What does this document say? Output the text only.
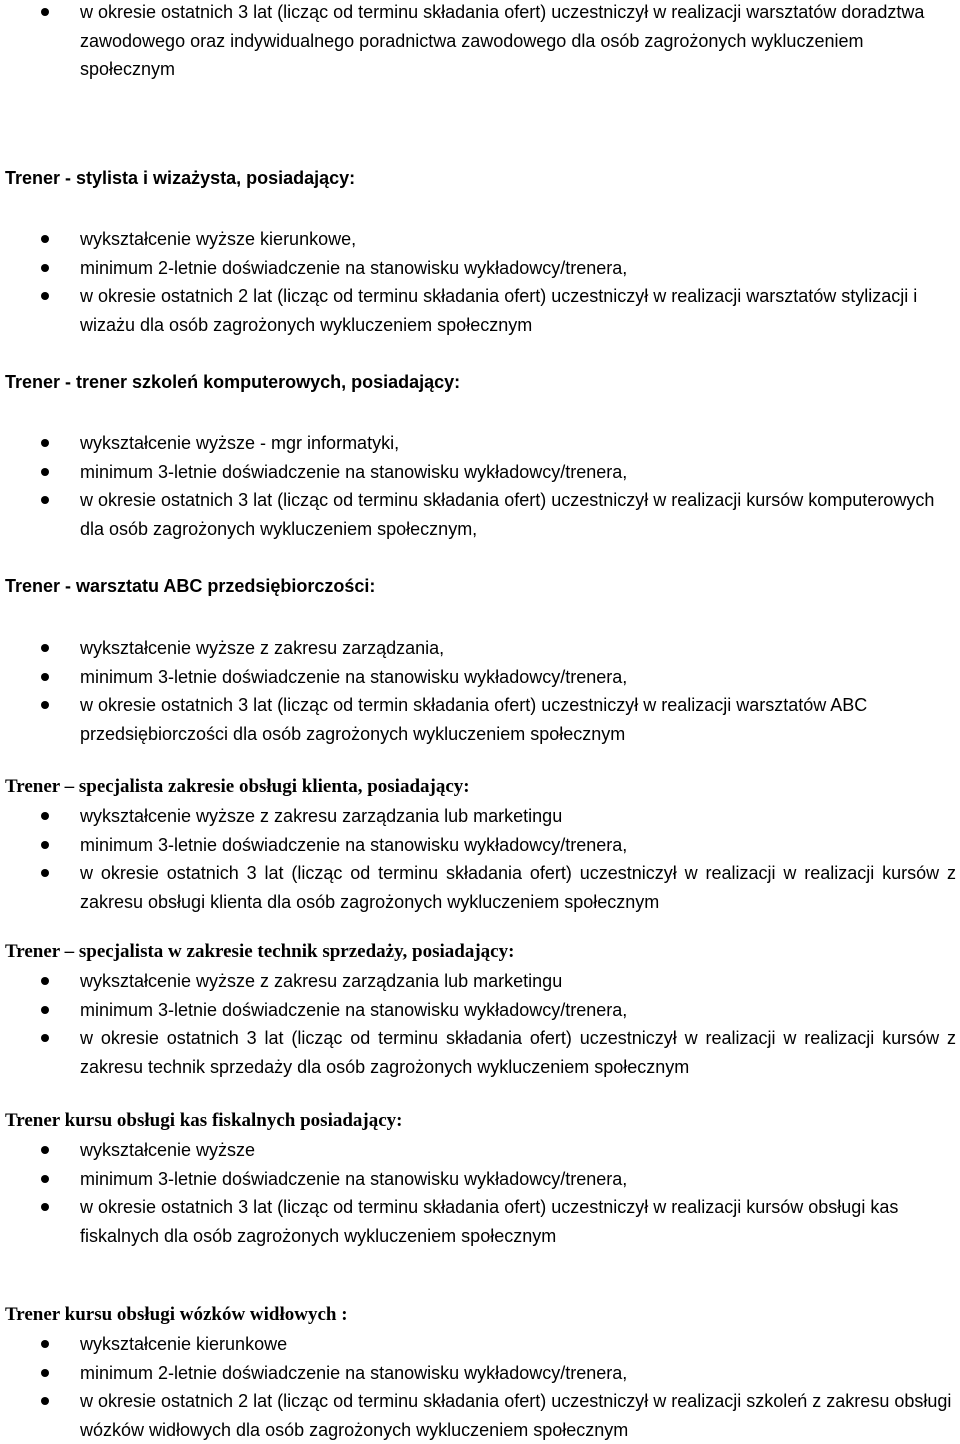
w okresie ostatnich 3 lat (licząc od terminu składania ofert) uczestniczył w realizacji warsztatów doradztwa zawodowego oraz indywidualnego poradnictwa zawodowego dla osób zagrożonych wykluczeniem społecznym
Trener - stylista i wizażysta, posiadający:
wykształcenie wyższe kierunkowe,
minimum 2-letnie doświadczenie na stanowisku wykładowcy/trenera,
w okresie ostatnich 2 lat (licząc od terminu składania ofert) uczestniczył w realizacji warsztatów stylizacji i wizażu dla osób zagrożonych wykluczeniem społecznym
Trener - trener szkoleń komputerowych, posiadający:
wykształcenie wyższe - mgr informatyki,
minimum 3-letnie doświadczenie na stanowisku wykładowcy/trenera,
w okresie ostatnich 3 lat (licząc od terminu składania ofert) uczestniczył w realizacji kursów komputerowych dla osób zagrożonych wykluczeniem społecznym,
Trener - warsztatu ABC przedsiębiorczości:
wykształcenie wyższe z zakresu zarządzania,
minimum 3-letnie doświadczenie na stanowisku wykładowcy/trenera,
w okresie ostatnich 3 lat (licząc od termin składania ofert) uczestniczył w realizacji warsztatów ABC przedsiębiorczości dla osób zagrożonych wykluczeniem społecznym
Trener – specjalista zakresie obsługi klienta, posiadający:
wykształcenie wyższe z zakresu zarządzania lub marketingu
minimum 3-letnie doświadczenie na stanowisku wykładowcy/trenera,
w okresie ostatnich 3 lat (licząc od terminu składania ofert) uczestniczył w realizacji w realizacji kursów z zakresu obsługi klienta dla osób zagrożonych wykluczeniem społecznym
Trener – specjalista w zakresie technik sprzedaży, posiadający:
wykształcenie wyższe z zakresu zarządzania lub marketingu
minimum 3-letnie doświadczenie na stanowisku wykładowcy/trenera,
w okresie ostatnich 3 lat (licząc od terminu składania ofert) uczestniczył w realizacji w realizacji kursów z zakresu technik sprzedaży dla osób zagrożonych wykluczeniem społecznym
Trener kursu obsługi kas fiskalnych posiadający:
wykształcenie wyższe
minimum 3-letnie doświadczenie na stanowisku wykładowcy/trenera,
w okresie ostatnich 3 lat (licząc od terminu składania ofert) uczestniczył w realizacji kursów obsługi kas fiskalnych dla osób zagrożonych wykluczeniem społecznym
Trener kursu obsługi wózków widłowych :
wykształcenie kierunkowe
minimum 2-letnie doświadczenie na stanowisku wykładowcy/trenera,
w okresie ostatnich 2 lat (licząc od terminu składania ofert) uczestniczył w realizacji szkoleń z zakresu obsługi wózków widłowych dla osób zagrożonych wykluczeniem społecznym
